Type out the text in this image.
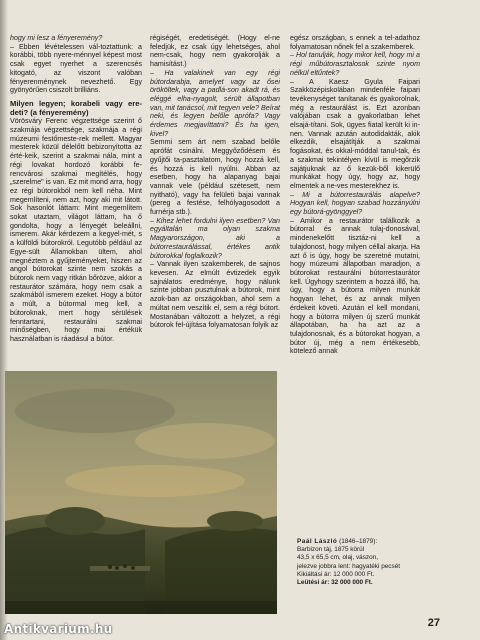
hogy mi lesz a fényeremény?

– Ebben lévételessen vál-toztattunk: a korábbi, több nyere-ménnyel képest most csak egyet nyerhet a szerencsés kitogató, az viszont valóban fényerenménynek nevezhető. Egy gyönyörűen csiszolt brilliáns.

Milyen legyen; korabeli vagy ere-deti? (a fényeremény)

Vörösváry Ferenc végzettsége szerint ő szakmája végzettsége, szakmája a régi múzeumi festőmeste-rek mellett. Magyar mesterek közül délelőtt bebizonyította az érté-keik, szerint a szakmai nála, mint a régi lovakat hordozó korábbi fe-rencvárosi szakmai megítélés, hogy „szerelme" is van. Ez mit mond arra, hogy ez régi bútorokból nem kell néha. Mint megemlíteni, nem azt, hogy aki mit látott. Sok hasonlót láttam: Mint megemlítem sokat utaztam, világot láttam, ha ő gondolta, hogy a lényegét beleállni, ismerem. Akár kérdezem a kegyel-mét, s a külföldi bútorokról. Legutóbb például az Egye-sült Államokban ültem, ahol megnéztem a gyűjteményeket, hiszen az angol bútorokat szinte nem szokás a bútorok nem vagy ritkán bőrözve, akkor a restaurátor számára, hogy nem csak a szakmából ismerem ezeket. Hogy a bútor a múlt, a bútormal meg kell, a bútoroknak, mert hogy sérülések fenntartani, restaurálni szakmai minőségben, hogy mai értékük használatban is ráadásul a bútor.

régiségét, eredetiségét. (Hogy el-ne feledjük, ez csak úgy lehetséges, ahol nem-csak, hogy nem gyakorolják a hamisítást.)

– Ha valakinek van egy régi bútordarabja, amelyet vagy az ősei örököltek, vagy a padlá-son akadt rá, és eléggé elha-nyagolt, sérült állapotban van, mit tanácsol, mit tegyen vele? Beírat neki, és legyen belőle aprófa? Vagy érdemes megjavíttatni? És ha igen, kivel?

Semmi sem árt nem szabad belőle aprófát csinálni. Meggyőződésem és gyűjtői ta-pasztalatom, hogy hozzá kell, és hozzá is kell nyúlni. Abban az esetben, hogy ha alapanyag bajai vannak vele (például szétesett, nem nyitható), vagy ha felületi bajai vannak (pereg a festése, felhólyagosodott a furnérja stb.).

– Kihez lehet fordulni ilyen esetben? Van egyáltalán ma olyan szakma Magyarországon, aki a bútorrestaurálással, értékes antik bútorokkal foglalkozik?

– Vannak ilyen szakemberek, de sajnos kevesen. Az elmúlt évtizedek egyik sajnálatos eredménye, hogy nálunk szinte jobban pusztulnak a bútorok, mint azok-ban az országokban, ahol sem a múltat nem veszítik el, sem a régi bútort. Mostanában változott a helyzet, a régi bútorok fel-újítása folyamatosan folyik az

egész országban, s ennek a tel-adathoz folyamatosan nőnek fel a szakemberek.

– Hol tanulják, hogy mikor kell, hogy mi a régi műbútorasztalosok szinte nyom nélkül eltűntek?

– A Kaesz Gyula Faipari Szakközépiskolában mindenféle faipari tevékenységet tanítanak és gyakorolnak, még a restaurálást is. Ezt azonban valójában csak a gyakorlatban lehet elsajá-títani. Sok, ügyes fiatal került ki in-nen. Vannak azután autodidakták, akik elkezdik, elsajátítják a szakmai fogásokat, és okkal-móddal tanul-tak, és a szakmai tekintélyen kívül is megőrzik sajátjuknak az ő kezük-ből kikerülő munkákat hogy úgy, hogy az, hogy elmentek a ne-ves mesterekhez is.

– Mi a bútorrestaurálás alapelve? Hogyan kell, hogyan szabad hozzányúlni egy bútorá-gyönggyel?

– Amikor a restaurátor találkozik a bútorral és annak tulaj-donosával, mindenekelőtt tisztáz-ni kell a tulajdonost, hogy milyen céllal akarja. Ha azt ő is úgy, hogy be szeretné mutatni, hogy múzeumi állapotban maradjon, a bútorokat restaurálni bútorrestaurátor kell. Úgyhogy szerintem a hozzá illő, ha, úgy, hogy a bútorra milyen munkát hogyan lehet, és az annak milyen érdekeit követi. Azután el kell mondani, hogy a bútorra milyen új szerű munkát állapotában, ha ha azt az a tulajdonosnak, és a bútorokat hogyan, a bútor új, még a nem értékesebb, kötelező annak

Paál László (1846–1879):
Barbizon táj, 1875 körül
43,5 x 65,5 cm, olaj, vászon,
jelezve jobbra lent: hagyatéki pecsét
Kikiáltási ár: 12 000 000 Ft.
Leütési ár: 32 000 000 Ft.
27
Antikvarium.hu
